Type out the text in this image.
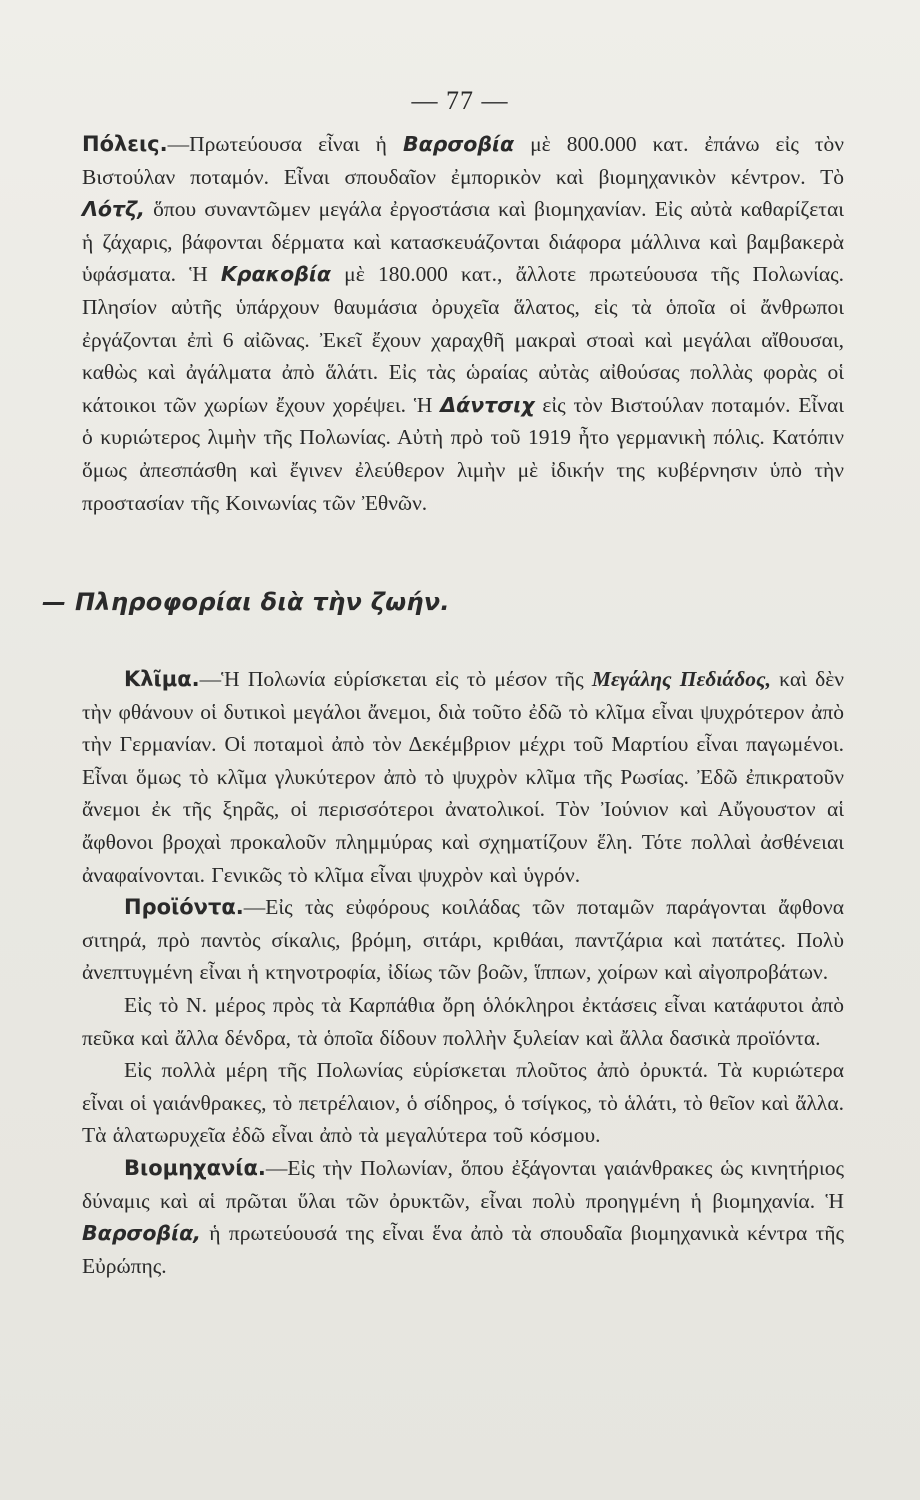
— 77 —
Πόλεις.—Πρωτεύουσα εἶναι ἡ Βαρσοβία μὲ 800.000 κατ. ἐπάνω εἰς τὸν Βιστούλαν ποταμόν. Εἶναι σπουδαῖον ἐμπορικὸν καὶ βιομηχανικὸν κέντρον. Τὸ Λότζ, ὅπου συναντῶμεν μεγάλα ἐργοστάσια καὶ βιομηχανίαν. Εἰς αὐτὰ καθαρίζεται ἡ ζάχαρις, βάφονται δέρματα καὶ κατασκευάζονται διάφορα μάλλινα καὶ βαμβακερὰ ὑφάσματα. Ἡ Κρακοβία μὲ 180.000 κατ., ἄλλοτε πρωτεύουσα τῆς Πολωνίας. Πλησίον αὐτῆς ὑπάρχουν θαυμάσια ὀρυχεῖα ἅλατος, εἰς τὰ ὁποῖα οἱ ἄνθρωποι ἐργάζονται ἐπὶ 6 αἰῶνας. Ἐκεῖ ἔχουν χαραχθῆ μακραὶ στοαὶ καὶ μεγάλαι αἴθουσαι, καθὼς καὶ ἀγάλματα ἀπὸ ἅλάτι. Εἰς τὰς ὡραίας αὐτὰς αἰθούσας πολλὰς φορὰς οἱ κάτοικοι τῶν χωρίων ἔχουν χορέψει. Ἡ Δάντσιχ εἰς τὸν Βιστούλαν ποταμόν. Εἶναι ὁ κυριώτερος λιμὴν τῆς Πολωνίας. Αὐτὴ πρὸ τοῦ 1919 ἦτο γερμανικὴ πόλις. Κατόπιν ὅμως ἀπεσπάσθη καὶ ἔγινεν ἐλεύθερον λιμὴν μὲ ἰδικήν της κυβέρνησιν ὑπὸ τὴν προστασίαν τῆς Κοινωνίας τῶν Ἐθνῶν.
— Πληροφορίαι διὰ τὴν ζωήν.
Κλῖμα.—Ἡ Πολωνία εὑρίσκεται εἰς τὸ μέσον τῆς Μεγάλης Πεδιάδος, καὶ δὲν τὴν φθάνουν οἱ δυτικοὶ μεγάλοι ἄνεμοι, διὰ τοῦτο ἐδῶ τὸ κλῖμα εἶναι ψυχρότερον ἀπὸ τὴν Γερμανίαν. Οἱ ποταμοὶ ἀπὸ τὸν Δεκέμβριον μέχρι τοῦ Μαρτίου εἶναι παγωμένοι. Εἶναι ὅμως τὸ κλῖμα γλυκύτερον ἀπὸ τὸ ψυχρὸν κλῖμα τῆς Ρωσίας. Ἐδῶ ἐπικρατοῦν ἄνεμοι ἐκ τῆς ξηρᾶς, οἱ περισσότεροι ἀνατολικοί. Τὸν Ἰούνιον καὶ Αὔγουστον αἱ ἄφθονοι βροχαὶ προκαλοῦν πλημμύρας καὶ σχηματίζουν ἕλη. Τότε πολλαὶ ἀσθένειαι ἀναφαίνονται. Γενικῶς τὸ κλῖμα εἶναι ψυχρὸν καὶ ὑγρόν.
Προϊόντα.—Εἰς τὰς εὐφόρους κοιλάδας τῶν ποταμῶν παράγονται ἄφθονα σιτηρά, πρὸ παντὸς σίκαλις, βρόμη, σιτάρι, κριθάαι, παντζάρια καὶ πατάτες. Πολὺ ἀνεπτυγμένη εἶναι ἡ κτηνοτροφία, ἰδίως τῶν βοῶν, ἵππων, χοίρων καὶ αἰγοπροβάτων.
Εἰς τὸ Ν. μέρος πρὸς τὰ Καρπάθια ὄρη ὁλόκληροι ἐκτάσεις εἶναι κατάφυτοι ἀπὸ πεῦκα καὶ ἄλλα δένδρα, τὰ ὁποῖα δίδουν πολλὴν ξυλείαν καὶ ἄλλα δασικὰ προϊόντα.
Εἰς πολλὰ μέρη τῆς Πολωνίας εὑρίσκεται πλοῦτος ἀπὸ ὀρυκτά. Τὰ κυριώτερα εἶναι οἱ γαιάνθρακες, τὸ πετρέλαιον, ὁ σίδηρος, ὁ τσίγκος, τὸ ἁλάτι, τὸ θεῖον καὶ ἄλλα. Τὰ ἁλατωρυχεῖα ἐδῶ εἶναι ἀπὸ τὰ μεγαλύτερα τοῦ κόσμου.
Βιομηχανία.—Εἰς τὴν Πολωνίαν, ὅπου ἐξάγονται γαιάνθρακες ὡς κινητήριος δύναμις καὶ αἱ πρῶται ὕλαι τῶν ὀρυκτῶν, εἶναι πολὺ προηγμένη ἡ βιομηχανία. Ἡ Βαρσοβία, ἡ πρωτεύουσά της εἶναι ἕνα ἀπὸ τὰ σπουδαῖα βιομηχανικὰ κέντρα τῆς Εὐρώπης.
